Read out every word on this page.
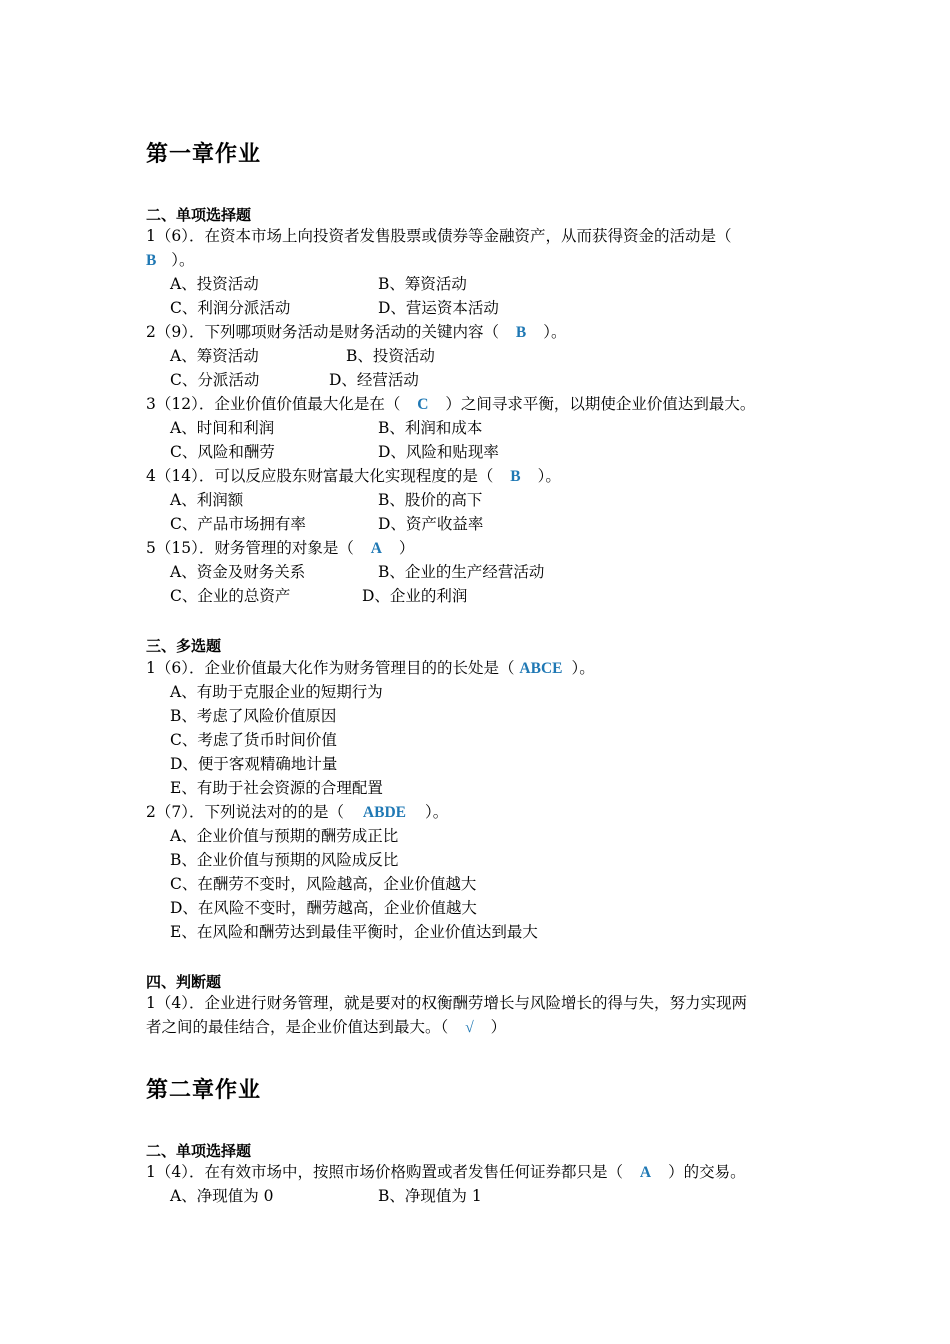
第一章作业
二、单项选择题
1（6）．在资本市场上向投资者发售股票或债券等金融资产，从而获得资金的活动是（
B ）。
A、投资活动	B、筹资活动
C、利润分派活动	D、营运资本活动
2（9）．下列哪项财务活动是财务活动的关键内容（ B ）。
A、筹资活动	B、投资活动
C、分派活动	D、经营活动
3（12）．企业价值价值最大化是在（ C ）之间寻求平衡，以期使企业价值达到最大。
A、时间和利润	B、利润和成本
C、风险和酬劳	D、风险和贴现率
4（14）．可以反应股东财富最大化实现程度的是（ B ）。
A、利润额	B、股价的高下
C、产品市场拥有率	D、资产收益率
5（15）．财务管理的对象是（ A ）
A、资金及财务关系	B、企业的生产经营活动
C、企业的总资产	D、企业的利润
三、多选题
1（6）．企业价值最大化作为财务管理目的的长处是（ ABCE ）。
A、有助于克服企业的短期行为
B、考虑了风险价值原因
C、考虑了货币时间价值
D、便于客观精确地计量
E、有助于社会资源的合理配置
2（7）．下列说法对的的是（ ABDE ）。
A、企业价值与预期的酬劳成正比
B、企业价值与预期的风险成反比
C、在酬劳不变时，风险越高，企业价值越大
D、在风险不变时，酬劳越高，企业价值越大
E、在风险和酬劳达到最佳平衡时，企业价值达到最大
四、判断题
1（4）．企业进行财务管理，就是要对的权衡酬劳增长与风险增长的得与失，努力实现两
者之间的最佳结合，是企业价值达到最大。（ √ ）
第二章作业
二、单项选择题
1（4）．在有效市场中，按照市场价格购置或者发售任何证券都只是（ A ）的交易。
A、净现值为 0	B、净现值为 1
